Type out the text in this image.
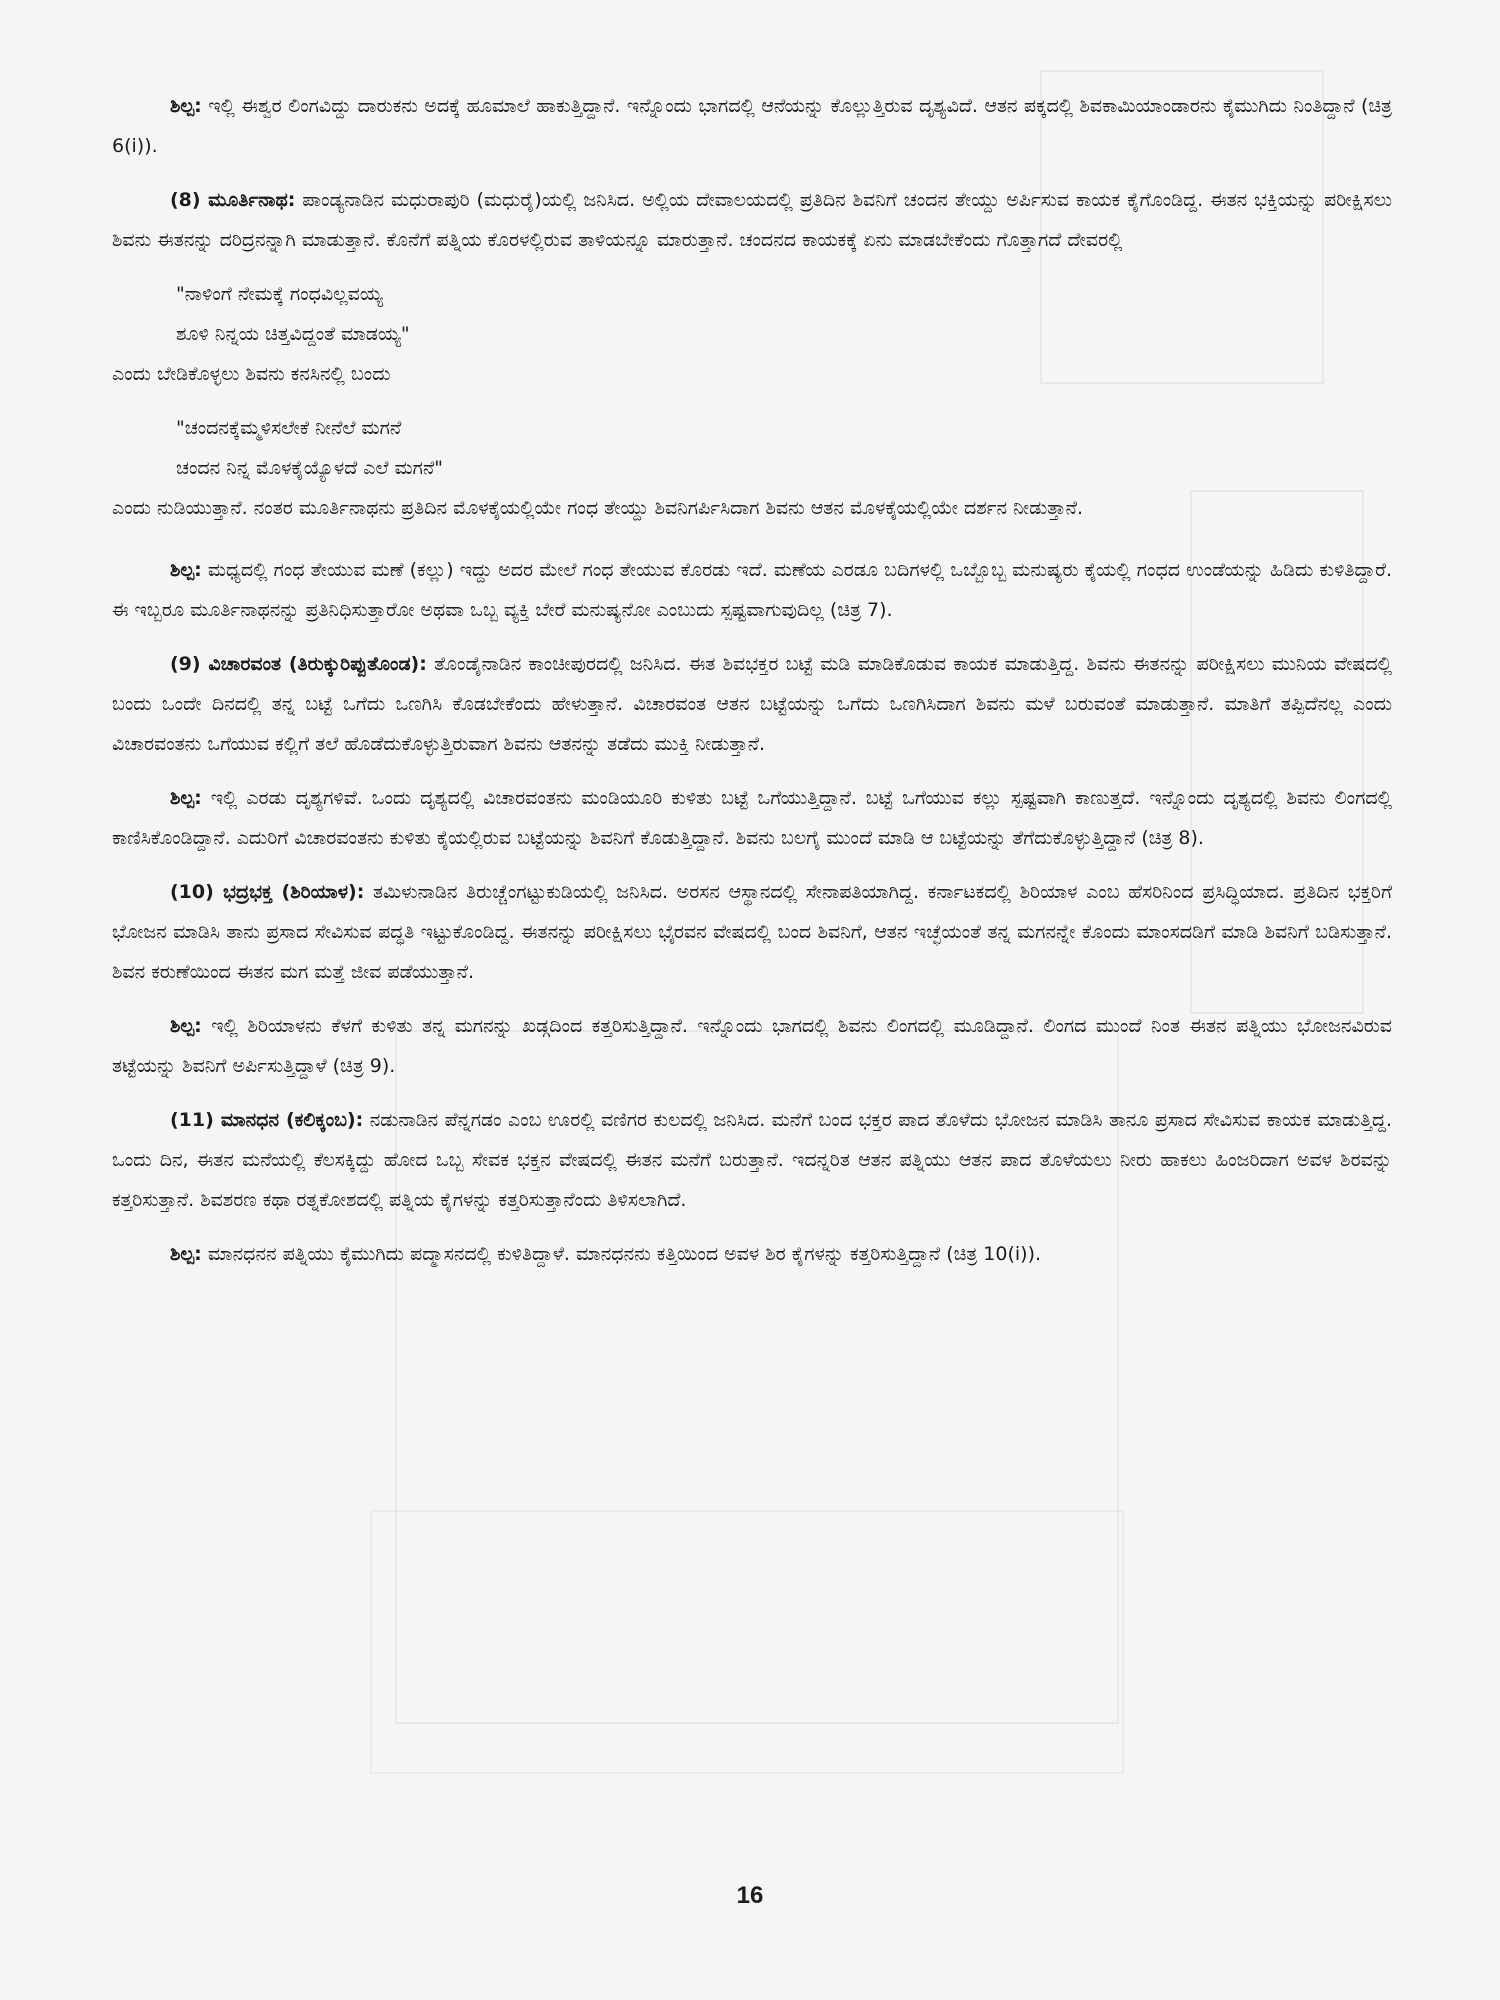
ಶಿಲ್ಪ: ಇಲ್ಲಿ ಈಶ್ವರ ಲಿಂಗವಿದ್ದು ದಾರುಕನು ಅದಕ್ಕೆ ಹೂಮಾಲೆ ಹಾಕುತ್ತಿದ್ದಾನೆ. ಇನ್ನೊಂದು ಭಾಗದಲ್ಲಿ ಆನೆಯನ್ನು ಕೊಲ್ಲುತ್ತಿರುವ ದೃಶ್ಯವಿದೆ. ಆತನ ಪಕ್ಕದಲ್ಲಿ ಶಿವಕಾಮಿಯಾಂಡಾರನು ಕೈಮುಗಿದು ನಿಂತಿದ್ದಾನೆ (ಚಿತ್ರ 6(i)).

(8) ಮೂರ್ತಿನಾಥ: ಪಾಂಡ್ಯನಾಡಿನ ಮಧುರಾಪುರಿ (ಮಧುರೈ)ಯಲ್ಲಿ ಜನಿಸಿದ. ಅಲ್ಲಿಯ ದೇವಾಲಯದಲ್ಲಿ ಪ್ರತಿದಿನ ಶಿವನಿಗೆ ಚಂದನ ತೇಯ್ದು ಅರ್ಪಿಸುವ ಕಾಯಕ ಕೈಗೊಂಡಿದ್ದ. ಈತನ ಭಕ್ತಿಯನ್ನು ಪರೀಕ್ಷಿಸಲು ಶಿವನು ಈತನನ್ನು ದರಿದ್ರನನ್ನಾಗಿ ಮಾಡುತ್ತಾನೆ. ಕೊನೆಗೆ ಪತ್ನಿಯ ಕೊರಳಲ್ಲಿರುವ ತಾಳಿಯನ್ನೂ ಮಾರುತ್ತಾನೆ. ಚಂದನದ ಕಾಯಕಕ್ಕೆ ಏನು ಮಾಡಬೇಕೆಂದು ಗೊತ್ತಾಗದೆ ದೇವರಲ್ಲಿ

"ನಾಳಿಂಗೆ ನೇಮಕ್ಕೆ ಗಂಧವಿಲ್ಲವಯ್ಯ
ಶೂಳಿ ನಿನ್ನಯ ಚಿತ್ತವಿದ್ದಂತೆ ಮಾಡಯ್ಯ"

ಎಂದು ಬೇಡಿಕೊಳ್ಳಲು ಶಿವನು ಕನಸಿನಲ್ಲಿ ಬಂದು

"ಚಂದನಕ್ಕೆಮ್ಮಳಿಸಲೇಕೆ ನೀನೆಲೆ ಮಗನೆ
ಚಂದನ ನಿನ್ನ ಮೊಳಕೈಯ್ಯೊಳದೆ ಎಲೆ ಮಗನೆ"

ಎಂದು ನುಡಿಯುತ್ತಾನೆ. ನಂತರ ಮೂರ್ತಿನಾಥನು ಪ್ರತಿದಿನ ಮೊಳಕೈಯಲ್ಲಿಯೇ ಗಂಧ ತೇಯ್ದು ಶಿವನಿಗರ್ಪಿಸಿದಾಗ ಶಿವನು ಆತನ ಮೊಳಕೈಯಲ್ಲಿಯೇ ದರ್ಶನ ನೀಡುತ್ತಾನೆ.

ಶಿಲ್ಪ: ಮಧ್ಯದಲ್ಲಿ ಗಂಧ ತೇಯುವ ಮಣೆ (ಕಲ್ಲು) ಇದ್ದು ಅದರ ಮೇಲೆ ಗಂಧ ತೇಯುವ ಕೊರಡು ಇದೆ. ಮಣೆಯ ಎರಡೂ ಬದಿಗಳಲ್ಲಿ ಒಬ್ಬೊಬ್ಬ ಮನುಷ್ಯರು ಕೈಯಲ್ಲಿ ಗಂಧದ ಉಂಡೆಯನ್ನು ಹಿಡಿದು ಕುಳಿತಿದ್ದಾರೆ. ಈ ಇಬ್ಬರೂ ಮೂರ್ತಿನಾಥನನ್ನು ಪ್ರತಿನಿಧಿಸುತ್ತಾರೋ ಅಥವಾ ಒಬ್ಬ ವ್ಯಕ್ತಿ ಬೇರೆ ಮನುಷ್ಯನೋ ಎಂಬುದು ಸ್ಪಷ್ಟವಾಗುವುದಿಲ್ಲ (ಚಿತ್ರ 7).

(9) ವಿಚಾರವಂತ (ತಿರುಕ್ಕುರಿಪ್ಪುತೊಂಡ): ತೊಂಡೈನಾಡಿನ ಕಾಂಚೀಪುರದಲ್ಲಿ ಜನಿಸಿದ. ಈತ ಶಿವಭಕ್ತರ ಬಟ್ಟೆ ಮಡಿ ಮಾಡಿಕೊಡುವ ಕಾಯಕ ಮಾಡುತ್ತಿದ್ದ. ಶಿವನು ಈತನನ್ನು ಪರೀಕ್ಷಿಸಲು ಮುನಿಯ ವೇಷದಲ್ಲಿ ಬಂದು ಒಂದೇ ದಿನದಲ್ಲಿ ತನ್ನ ಬಟ್ಟೆ ಒಗೆದು ಒಣಗಿಸಿ ಕೊಡಬೇಕೆಂದು ಹೇಳುತ್ತಾನೆ. ವಿಚಾರವಂತ ಆತನ ಬಟ್ಟೆಯನ್ನು ಒಗೆದು ಒಣಗಿಸಿದಾಗ ಶಿವನು ಮಳೆ ಬರುವಂತೆ ಮಾಡುತ್ತಾನೆ. ಮಾತಿಗೆ ತಪ್ಪಿದೆನಲ್ಲ ಎಂದು ವಿಚಾರವಂತನು ಒಗೆಯುವ ಕಲ್ಲಿಗೆ ತಲೆ ಹೊಡೆದುಕೊಳ್ಳುತ್ತಿರುವಾಗ ಶಿವನು ಆತನನ್ನು ತಡೆದು ಮುಕ್ತಿ ನೀಡುತ್ತಾನೆ.

ಶಿಲ್ಪ: ಇಲ್ಲಿ ಎರಡು ದೃಶ್ಯಗಳಿವೆ. ಒಂದು ದೃಶ್ಯದಲ್ಲಿ ವಿಚಾರವಂತನು ಮಂಡಿಯೂರಿ ಕುಳಿತು ಬಟ್ಟೆ ಒಗೆಯುತ್ತಿದ್ದಾನೆ. ಬಟ್ಟೆ ಒಗೆಯುವ ಕಲ್ಲು ಸ್ಪಷ್ಟವಾಗಿ ಕಾಣುತ್ತದೆ. ಇನ್ನೊಂದು ದೃಶ್ಯದಲ್ಲಿ ಶಿವನು ಲಿಂಗದಲ್ಲಿ ಕಾಣಿಸಿಕೊಂಡಿದ್ದಾನೆ. ಎದುರಿಗೆ ವಿಚಾರವಂತನು ಕುಳಿತು ಕೈಯಲ್ಲಿರುವ ಬಟ್ಟೆಯನ್ನು ಶಿವನಿಗೆ ಕೊಡುತ್ತಿದ್ದಾನೆ. ಶಿವನು ಬಲಗೈ ಮುಂದೆ ಮಾಡಿ ಆ ಬಟ್ಟೆಯನ್ನು ತೆಗೆದುಕೊಳ್ಳುತ್ತಿದ್ದಾನೆ (ಚಿತ್ರ 8).

(10) ಭದ್ರಭಕ್ತ (ಶಿರಿಯಾಳ): ತಮಿಳುನಾಡಿನ ತಿರುಚ್ಚೆಂಗಟ್ಟುಕುಡಿಯಲ್ಲಿ ಜನಿಸಿದ. ಅರಸನ ಆಸ್ಥಾನದಲ್ಲಿ ಸೇನಾಪತಿಯಾಗಿದ್ದ. ಕರ್ನಾಟಕದಲ್ಲಿ ಶಿರಿಯಾಳ ಎಂಬ ಹೆಸರಿನಿಂದ ಪ್ರಸಿದ್ಧಿಯಾದ. ಪ್ರತಿದಿನ ಭಕ್ತರಿಗೆ ಭೋಜನ ಮಾಡಿಸಿ ತಾನು ಪ್ರಸಾದ ಸೇವಿಸುವ ಪದ್ಧತಿ ಇಟ್ಟುಕೊಂಡಿದ್ದ. ಈತನನ್ನು ಪರೀಕ್ಷಿಸಲು ಭೈರವನ ವೇಷದಲ್ಲಿ ಬಂದ ಶಿವನಿಗೆ, ಆತನ ಇಚ್ಛೆಯಂತೆ ತನ್ನ ಮಗನನ್ನೇ ಕೊಂದು ಮಾಂಸದಡಿಗೆ ಮಾಡಿ ಶಿವನಿಗೆ ಬಡಿಸುತ್ತಾನೆ. ಶಿವನ ಕರುಣೆಯಿಂದ ಈತನ ಮಗ ಮತ್ತೆ ಜೀವ ಪಡೆಯುತ್ತಾನೆ.

ಶಿಲ್ಪ: ಇಲ್ಲಿ ಶಿರಿಯಾಳನು ಕೆಳಗೆ ಕುಳಿತು ತನ್ನ ಮಗನನ್ನು ಖಡ್ಗದಿಂದ ಕತ್ತರಿಸುತ್ತಿದ್ದಾನೆ. ಇನ್ನೊಂದು ಭಾಗದಲ್ಲಿ ಶಿವನು ಲಿಂಗದಲ್ಲಿ ಮೂಡಿದ್ದಾನೆ. ಲಿಂಗದ ಮುಂದೆ ನಿಂತ ಈತನ ಪತ್ನಿಯು ಭೋಜನವಿರುವ ತಟ್ಟೆಯನ್ನು ಶಿವನಿಗೆ ಅರ್ಪಿಸುತ್ತಿದ್ದಾಳೆ (ಚಿತ್ರ 9).

(11) ಮಾನಧನ (ಕಲಿಕ್ಕಂಬ): ನಡುನಾಡಿನ ಪೆನ್ನಗಡಂ ಎಂಬ ಊರಲ್ಲಿ ವಣಿಗರ ಕುಲದಲ್ಲಿ ಜನಿಸಿದ. ಮನೆಗೆ ಬಂದ ಭಕ್ತರ ಪಾದ ತೊಳೆದು ಭೋಜನ ಮಾಡಿಸಿ ತಾನೂ ಪ್ರಸಾದ ಸೇವಿಸುವ ಕಾಯಕ ಮಾಡುತ್ತಿದ್ದ. ಒಂದು ದಿನ, ಈತನ ಮನೆಯಲ್ಲಿ ಕೆಲಸಕ್ಕಿದ್ದು ಹೋದ ಒಬ್ಬ ಸೇವಕ ಭಕ್ತನ ವೇಷದಲ್ಲಿ ಈತನ ಮನೆಗೆ ಬರುತ್ತಾನೆ. ಇದನ್ನರಿತ ಆತನ ಪತ್ನಿಯು ಆತನ ಪಾದ ತೊಳೆಯಲು ನೀರು ಹಾಕಲು ಹಿಂಜರಿದಾಗ ಅವಳ ಶಿರವನ್ನು ಕತ್ತರಿಸುತ್ತಾನೆ. ಶಿವಶರಣ ಕಥಾ ರತ್ನಕೋಶದಲ್ಲಿ ಪತ್ನಿಯ ಕೈಗಳನ್ನು ಕತ್ತರಿಸುತ್ತಾನೆಂದು ತಿಳಿಸಲಾಗಿದೆ.

ಶಿಲ್ಪ: ಮಾನಧನನ ಪತ್ನಿಯು ಕೈಮುಗಿದು ಪದ್ಮಾಸನದಲ್ಲಿ ಕುಳಿತಿದ್ದಾಳೆ. ಮಾನಧನನು ಕತ್ತಿಯಿಂದ ಅವಳ ಶಿರ ಕೈಗಳನ್ನು ಕತ್ತರಿಸುತ್ತಿದ್ದಾನೆ (ಚಿತ್ರ 10(i)).

16
